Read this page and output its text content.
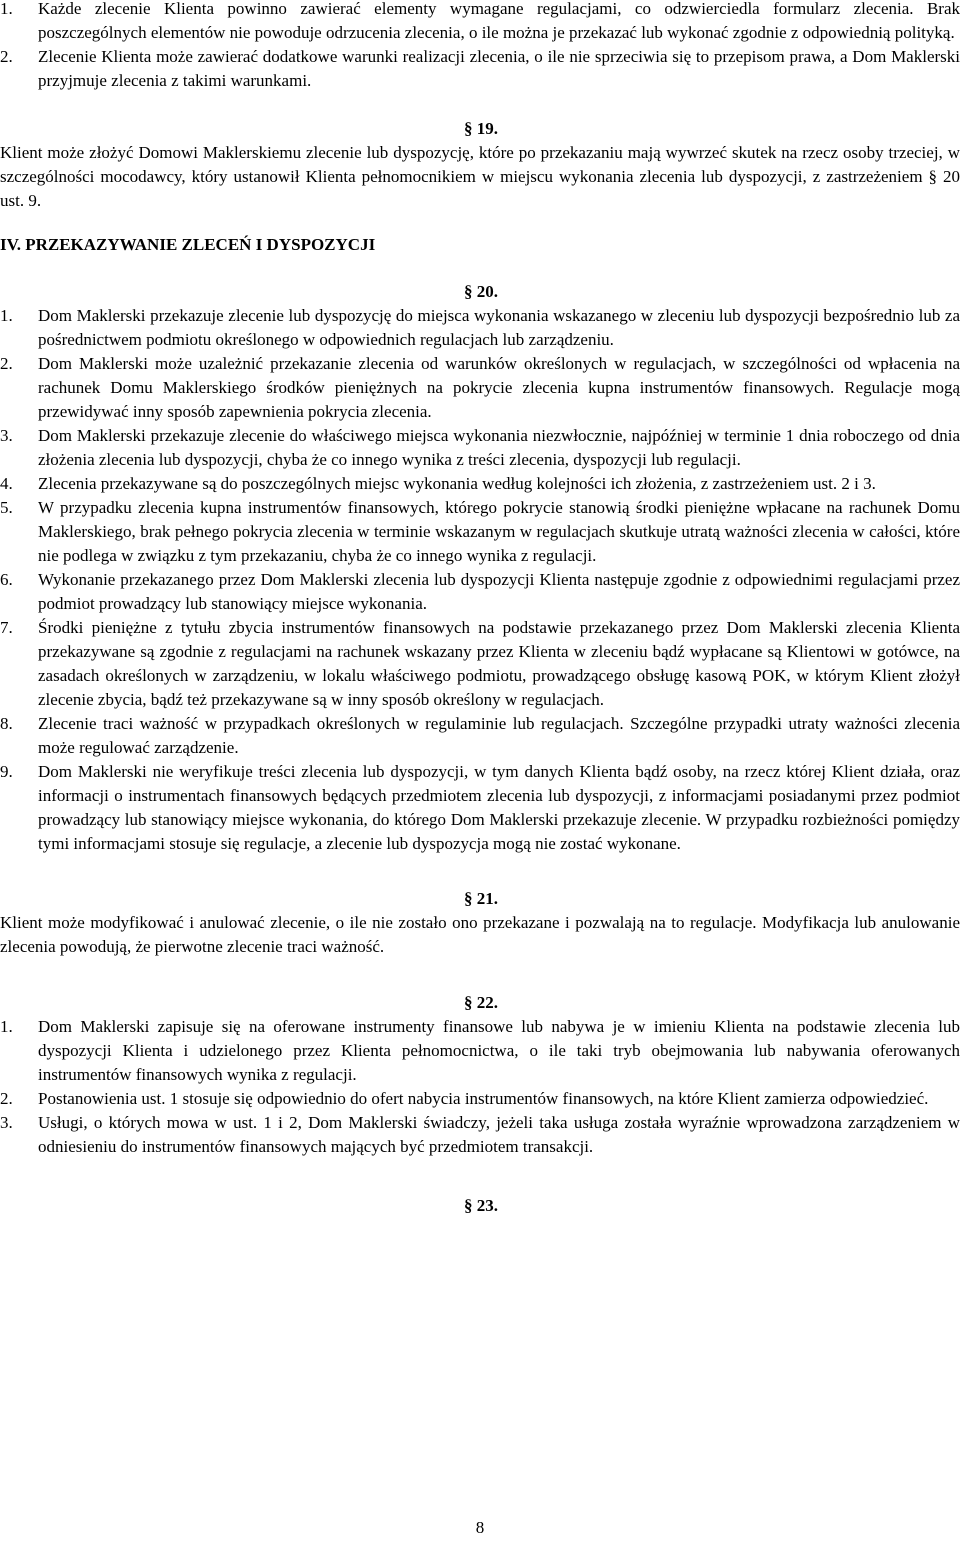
1.	Każde zlecenie Klienta powinno zawierać elementy wymagane regulacjami, co odzwierciedla formularz zlecenia. Brak poszczególnych elementów nie powoduje odrzucenia zlecenia, o ile można je przekazać lub wykonać zgodnie z odpowiednią polityką.
2.	Zlecenie Klienta może zawierać dodatkowe warunki realizacji zlecenia, o ile nie sprzeciwia się to przepisom prawa, a Dom Maklerski przyjmuje zlecenia z takimi warunkami.
§ 19.

Klient może złożyć Domowi Maklerskiemu zlecenie lub dyspozycję, które po przekazaniu mają wywrzeć skutek na rzecz osoby trzeciej, w szczególności mocodawcy, który ustanowił Klienta pełnomocnikiem w miejscu wykonania zlecenia lub dyspozycji, z zastrzeżeniem § 20 ust. 9.

IV. PRZEKAZYWANIE ZLECEŃ I DYSPOZYCJI

§ 20.
1.	Dom Maklerski przekazuje zlecenie lub dyspozycję do miejsca wykonania wskazanego w zleceniu lub dyspozycji bezpośrednio lub za pośrednictwem podmiotu określonego w odpowiednich regulacjach lub zarządzeniu.
2.	Dom Maklerski może uzależnić przekazanie zlecenia od warunków określonych w regulacjach, w szczególności od wpłacenia na rachunek Domu Maklerskiego środków pieniężnych na pokrycie zlecenia kupna instrumentów finansowych. Regulacje mogą przewidywać inny sposób zapewnienia pokrycia zlecenia.
3.	Dom Maklerski przekazuje zlecenie do właściwego miejsca wykonania niezwłocznie, najpóźniej w terminie 1 dnia roboczego od dnia złożenia zlecenia lub dyspozycji, chyba że co innego wynika z treści zlecenia, dyspozycji lub regulacji.
4.	Zlecenia przekazywane są do poszczególnych miejsc wykonania według kolejności ich złożenia, z zastrzeżeniem ust. 2 i 3.
5.	W przypadku zlecenia kupna instrumentów finansowych, którego pokrycie stanowią środki pieniężne wpłacane na rachunek Domu Maklerskiego, brak pełnego pokrycia zlecenia w terminie wskazanym w regulacjach skutkuje utratą ważności zlecenia w całości, które nie podlega w związku z tym przekazaniu, chyba że co innego wynika z regulacji.
6.	Wykonanie przekazanego przez Dom Maklerski zlecenia lub dyspozycji Klienta następuje zgodnie z odpowiednimi regulacjami przez podmiot prowadzący lub stanowiący miejsce wykonania.
7.	Środki pieniężne z tytułu zbycia instrumentów finansowych na podstawie przekazanego przez Dom Maklerski zlecenia Klienta przekazywane są zgodnie z regulacjami na rachunek wskazany przez Klienta w zleceniu bądź wypłacane są Klientowi w gotówce, na zasadach określonych w zarządzeniu, w lokalu właściwego podmiotu, prowadzącego obsługę kasową POK, w którym Klient złożył zlecenie zbycia, bądź też przekazywane są w inny sposób określony w regulacjach.
8.	Zlecenie traci ważność w przypadkach określonych w regulaminie lub regulacjach. Szczególne przypadki utraty ważności zlecenia może regulować zarządzenie.
9.	Dom Maklerski nie weryfikuje treści zlecenia lub dyspozycji, w tym danych Klienta bądź osoby, na rzecz której Klient działa, oraz informacji o instrumentach finansowych będących przedmiotem zlecenia lub dyspozycji, z informacjami posiadanymi przez podmiot prowadzący lub stanowiący miejsce wykonania, do którego Dom Maklerski przekazuje zlecenie. W przypadku rozbieżności pomiędzy tymi informacjami stosuje się regulacje, a zlecenie lub dyspozycja mogą nie zostać wykonane.
§ 21.

Klient może modyfikować i anulować zlecenie, o ile nie zostało ono przekazane i pozwalają na to regulacje. Modyfikacja lub anulowanie zlecenia powodują, że pierwotne zlecenie traci ważność.

§ 22.
1.	Dom Maklerski zapisuje się na oferowane instrumenty finansowe lub nabywa je w imieniu Klienta na podstawie zlecenia lub dyspozycji Klienta i udzielonego przez Klienta pełnomocnictwa, o ile taki tryb obejmowania lub nabywania oferowanych instrumentów finansowych wynika z regulacji.
2.	Postanowienia ust. 1 stosuje się odpowiednio do ofert nabycia instrumentów finansowych, na które Klient zamierza odpowiedzieć.
3.	Usługi, o których mowa w ust. 1 i 2, Dom Maklerski świadczy, jeżeli taka usługa została wyraźnie wprowadzona zarządzeniem w odniesieniu do instrumentów finansowych mających być przedmiotem transakcji.
§ 23.
8
